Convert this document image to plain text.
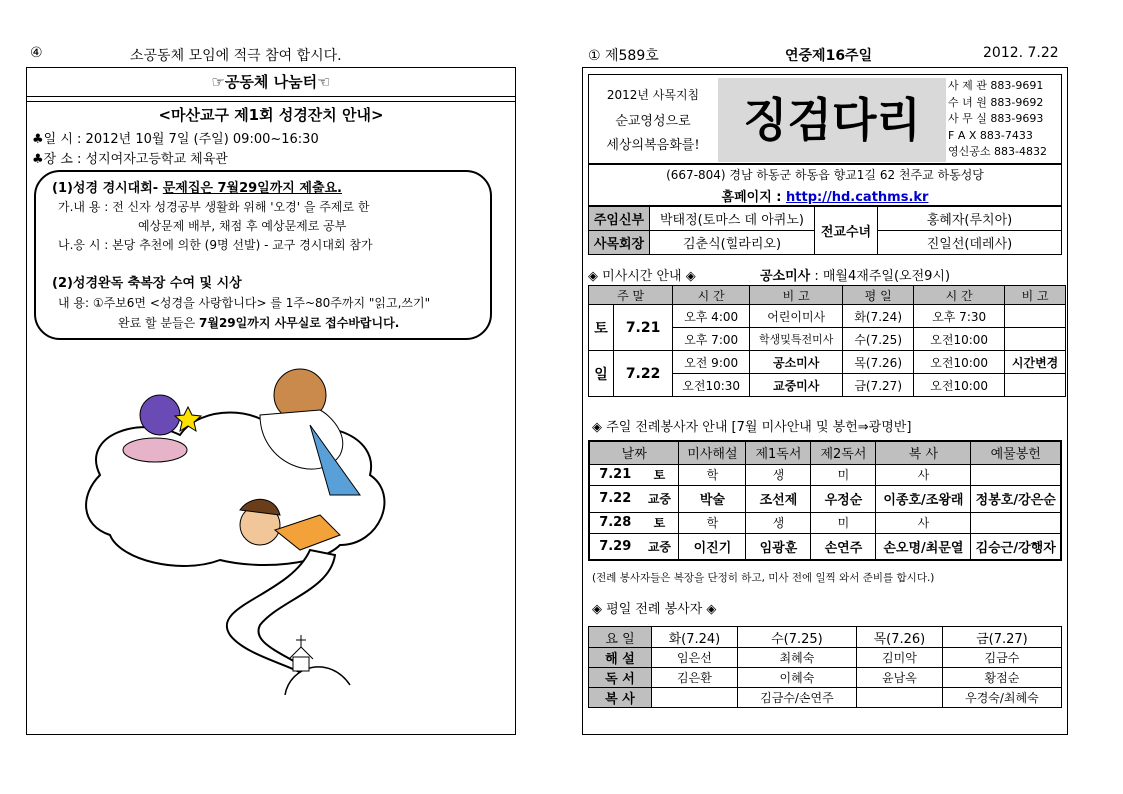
④	소공동체 모임에 적극 참여 합시다.
☞공동체 나눔터☜
<마산교구 제1회 성경잔치 안내>
♣일 시 : 2012년 10월 7일 (주일) 09:00~16:30
♣장 소 : 성지여자고등학교 체육관
(1)성경 경시대회- 문제집은 7월29일까지 제출요.
가.내 용 : 전 신자 성경공부 생활화 위해 '오경' 을 주제로 한
예상문제 배부, 채점 후 예상문제로 공부
나.응 시 : 본당 추천에 의한 (9명 선발) - 교구 경시대회 참가
(2)성경완독 축복장 수여 및 시상
내 용: ①주보6면 <성경을 사랑합니다> 를 1주~80주까지 "읽고,쓰기"
완료 할 분들은 7월29일까지 사무실로 접수바랍니다.
① 제589호	연중제16주일	2012. 7.22
2012년 사목지침
순교영성으로
세상의복음화를! 징검다리
사 제 관 883-9691
수 녀 원 883-9692
사 무 실 883-9693
F A X 883-7433
영신공소 883-4832
(667-804) 경남 하동군 하동읍 향교1길 62 천주교 하동성당
홈페이지 : http://hd.cathms.kr
주임신부	박태정(토마스 데 아퀴노)	전교수녀	홍혜자(루치아)
사목회장	김춘식(힐라리오)		진일선(데레사)
◈ 미사시간 안내 ◈	공소미사 : 매월4재주일(오전9시)
주 말		시 간	비 고	평 일	시 간	비 고
토	7.21	오후 4:00	어린이미사	화(7.24)	오후 7:30	
		오후 7:00	학생및특전미사	수(7.25)	오전10:00	
일	7.22	오전 9:00	공소미사	목(7.26)	오전10:00	시간변경
		오전10:30	교중미사	금(7.27)	오전10:00	
◈ 주일 전례봉사자 안내 [7월 미사안내 및 봉헌⇒광명반]
날짜		미사해설	제1독서	제2독서	복 사	예물봉헌
7.21	토	학	생	미	사	
7.22	교중	박술	조선제	우정순	이종호/조왕래	정봉호/강은순
7.28	토	학	생	미	사	
7.29	교중	이진기	임광훈	손연주	손오명/최문열	김승근/강행자
(전례 봉사자들은 복장을 단정히 하고, 미사 전에 일찍 와서 준비를 합시다.)
◈ 평일 전례 봉사자 ◈
요 일	화(7.24)	수(7.25)	목(7.26)	금(7.27)
해 설	임은선	최혜숙	김미악	김금수
독 서	김은환	이혜숙	윤남옥	황점순
복 사		김금수/손연주		우경숙/최혜숙
